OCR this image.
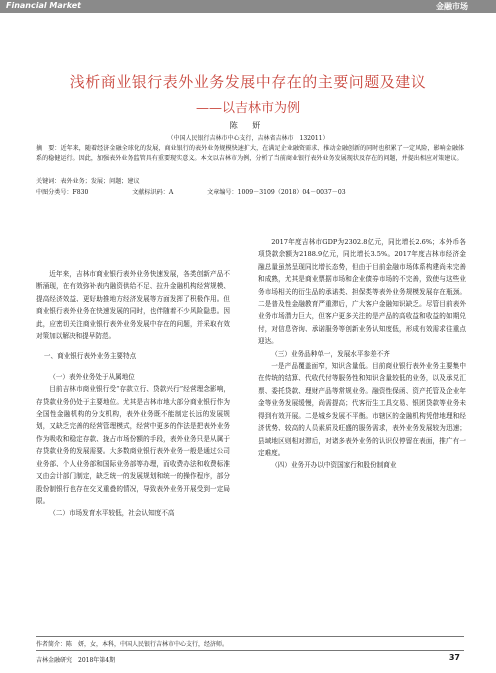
Financial Market	金融市场
浅析商业银行表外业务发展中存在的主要问题及建议
——以吉林市为例
陈 妍
（中国人民银行吉林市中心支行，吉林省吉林市　132011）
摘　要：近年来，随着经济金融全球化的发展，商业银行的表外业务规模快速扩大，在满足企业融资需求、推动金融创新的同时也积累了一定风险，影响金融体系的稳健运行。因此，加强表外业务监管具有重要现实意义。本文以吉林市为例，分析了当前商业银行表外业务发展现状及存在的问题，并提出相应对策建议。
关键词：表外业务；发展；问题；建议
中图分类号：F830	文献标识码：A	文章编号：1009－3109（2018）04－0037－03

近年来，吉林市商业银行表外业务快速发展，各类创新产品不断涌现，在有效弥补表内融资供给不足、拉升金融机构经营规模、提高经济效益、更好助推地方经济发展等方面发挥了积极作用。但商业银行表外业务在快速发展的同时，也伴随着不少风险隐患。因此，应密切关注商业银行表外业务发展中存在的问题，并采取有效对策加以解决和提早防范。

一、商业银行表外业务主要特点

（一）表外业务处于从属地位

目前吉林市商业银行受“存款立行、贷款兴行”经营理念影响，存贷款业务仍处于主要地位。尤其是吉林市地大部分商业银行作为全国性金融机构的分支机构，表外业务既不能制定长远的发展规划，又缺乏完善的经营管理模式，经营中更多的作法是把表外业务作为吸收和稳定存款、拢占市场份额的手段，表外业务只是从属于存贷款业务的发展需要。大多数商业银行表外业务一般是通过公司业务部、个人业务部和国际业务部等办理，而收费办法和收费标准又由会计部门制定，缺乏统一的发展规划和统一的操作程序，部分股份制银行也存在交叉重叠的情况，导致表外业务开展受到一定局限。

（二）市场发育水平较低，社会认知度不高

2017年度吉林市GDP为2302.8亿元，同比增长2.6%；本外币各项贷款余额为2188.9亿元，同比增长3.5%。2017年度吉林市经济金融总量虽然呈现同比增长态势，但由于目前金融市场体系构建尚未完善和成熟，尤其是商业票据市场和企业债券市场的不完善，致使与这些业务市场相关的衍生品的承诺类、担保类等表外业务规模发展存在瓶颈。二是普及性金融教育严重滞后，广大客户金融知识缺乏。尽管目前表外业务市场潜力巨大，但客户更多关注的是产品的高收益和收益的如期兑付，对信息咨询、承诺服务等创新业务认知度低，形成有效需求往重点迎达。

（三）业务品种单一，发展水平参差不齐

一是产品覆盖面窄，知识含量低。目前商业银行表外业务主要集中在传统的结算、代收代付等服务性和知识含量较低的业务，以及承兑汇票、委托贷款、理财产品等常规业务。融资性保函、资产托管及企业年金等业务发展缓慢，尚需提高；代客衍生工具交易、银团贷款等业务未得到有效开展。二是城乡发展不平衡。市辖区的金融机构凭借地理和经济优势、较高的人员素质及旺盛的服务需求，表外业务发展较为迅速；县域地区则相对滞后，对诸多表外业务的认识仅停留在表面，推广有一定难度。

（四）业务开办以中资国家行和股份制商业

作者简介：陈　妍，女，本科，中国人民银行吉林市中心支行，经济师。
吉林金融研究　2018年第4期	37
